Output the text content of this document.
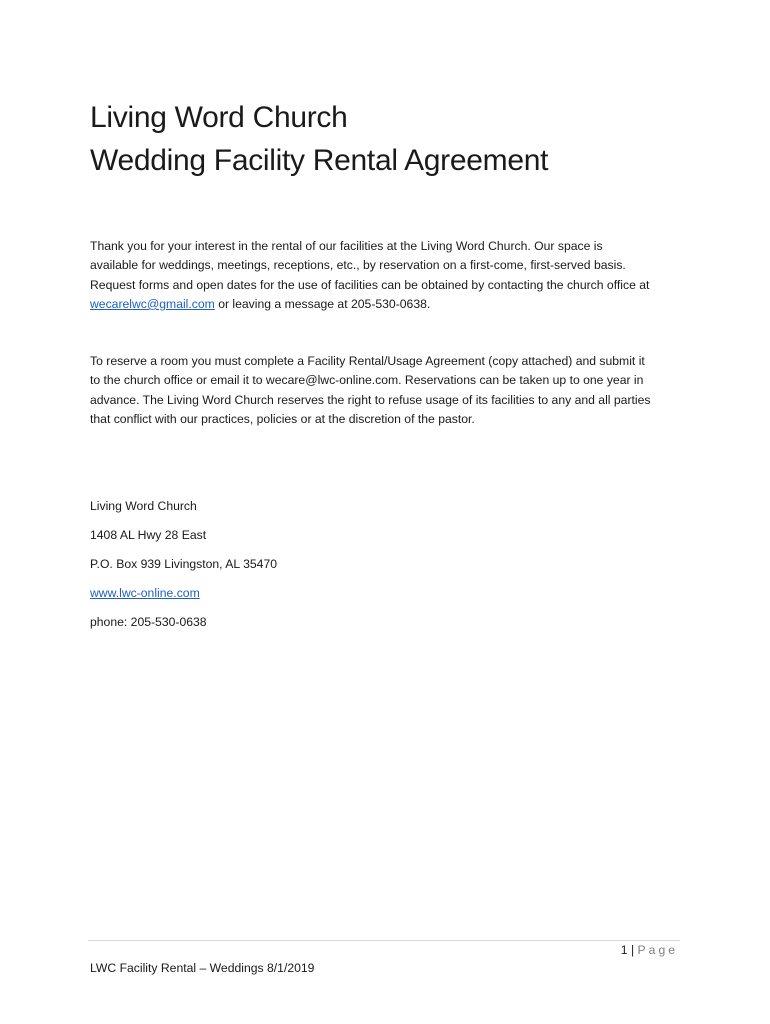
Living Word Church
Wedding Facility Rental Agreement

Thank you for your interest in the rental of our facilities at the Living Word Church. Our space is
available for weddings, meetings, receptions, etc., by reservation on a first-come, first-served basis.
Request forms and open dates for the use of facilities can be obtained by contacting the church office at
wecarelwc@gmail.com or leaving a message at 205-530-0638.

To reserve a room you must complete a Facility Rental/Usage Agreement (copy attached) and submit it
to the church office or email it to wecare@lwc-online.com. Reservations can be taken up to one year in
advance. The Living Word Church reserves the right to refuse usage of its facilities to any and all parties
that conflict with our practices, policies or at the discretion of the pastor.

Living Word Church

1408 AL Hwy 28 East

P.O. Box 939 Livingston, AL 35470

www.lwc-online.com

phone: 205-530-0638

1 | Page
LWC Facility Rental – Weddings 8/1/2019
